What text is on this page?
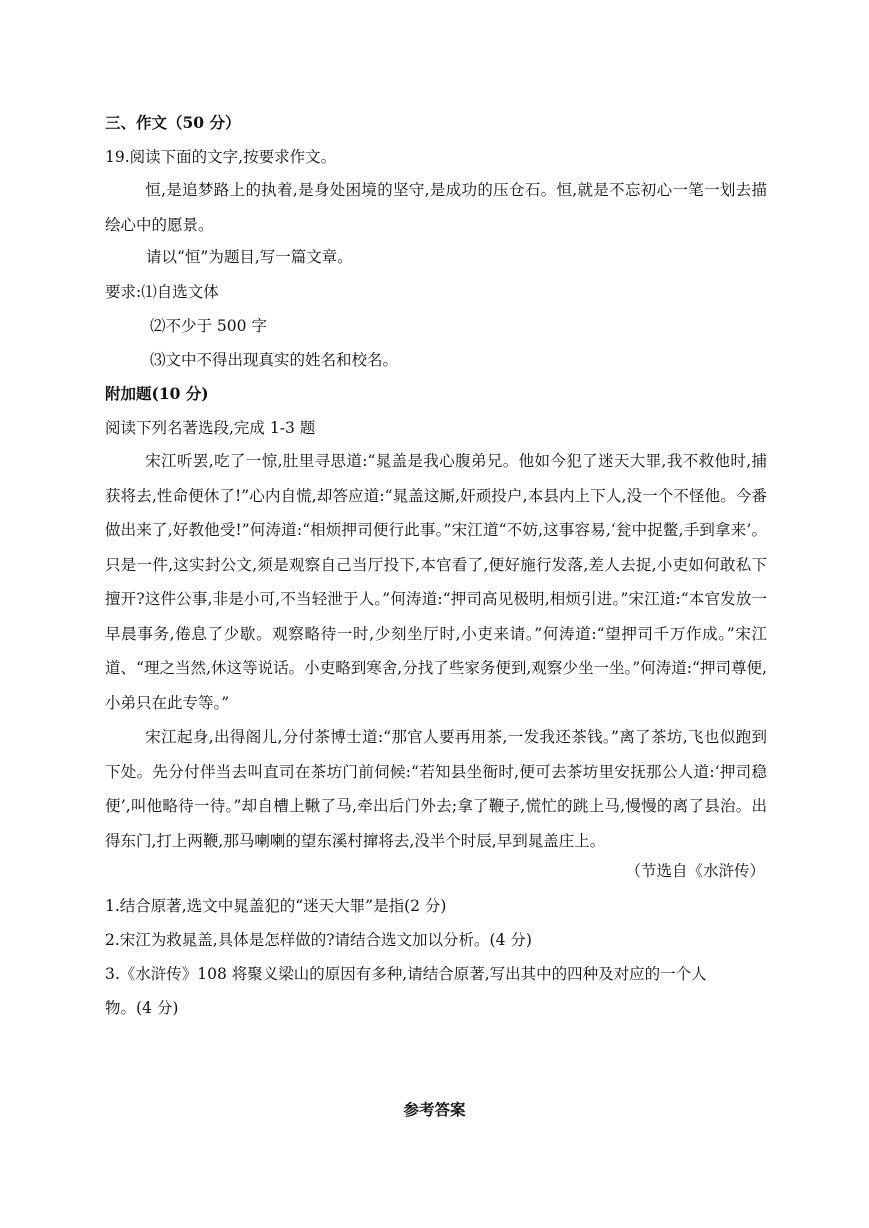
三、作文（50 分）
19.阅读下面的文字,按要求作文。

恒,是追梦路上的执着,是身处困境的坚守,是成功的压仓石。恒,就是不忘初心一笔一划去描绘心中的愿景。

请以“恒”为题目,写一篇文章。
要求:⑴自选文体
⑵不少于 500 字
⑶文中不得出现真实的姓名和校名。
附加题(10 分)
阅读下列名著选段,完成 1-3 题

宋江听罢,吃了一惊,肚里寻思道:“晁盖是我心腹弟兄。他如今犯了迷天大罪,我不救他时,捕获将去,性命便休了!”心内自慌,却答应道:“晁盖这厮,奸顽投户,本县内上下人,没一个不怪他。今番做出来了,好教他受!”何涛道:“相烦押司便行此事。”宋江道“不妨,这事容易,‘瓮中捉鳖,手到拿来’。只是一件,这实封公文,须是观察自己当厅投下,本官看了,便好施行发落,差人去捉,小吏如何敢私下擅开?这件公事,非是小可,不当轻泄于人。”何涛道:“押司高见极明,相烦引进。”宋江道:“本官发放一早晨事务,倦息了少歇。观察略待一时,少刻坐厅时,小吏来请。”何涛道:“望押司千万作成。”宋江道、“理之当然,休这等说话。小吏略到寒舍,分找了些家务便到,观察少坐一坐。”何涛道:“押司尊便,小弟只在此专等。”

宋江起身,出得阁儿,分付茶博士道:“那官人要再用茶,一发我还茶钱。”离了茶坊,飞也似跑到下处。先分付伴当去叫直司在茶坊门前伺候:“若知县坐衙时,便可去茶坊里安抚那公人道:‘押司稳便’,叫他略待一待。”却自槽上鞦了马,牵出后门外去;拿了鞭子,慌忙的跳上马,慢慢的离了县治。出得东门,打上两鞭,那马喇喇的望东溪村撺将去,没半个时辰,早到晁盖庄上。

（节选自《水浒传）
1.结合原著,选文中晁盖犯的“迷天大罪”是指(2 分)
2.宋江为救晁盖,具体是怎样做的?请结合选文加以分析。(4 分)
3.《水浒传》108 将聚义梁山的原因有多种,请结合原著,写出其中的四种及对应的一个人
物。(4 分)
参考答案
